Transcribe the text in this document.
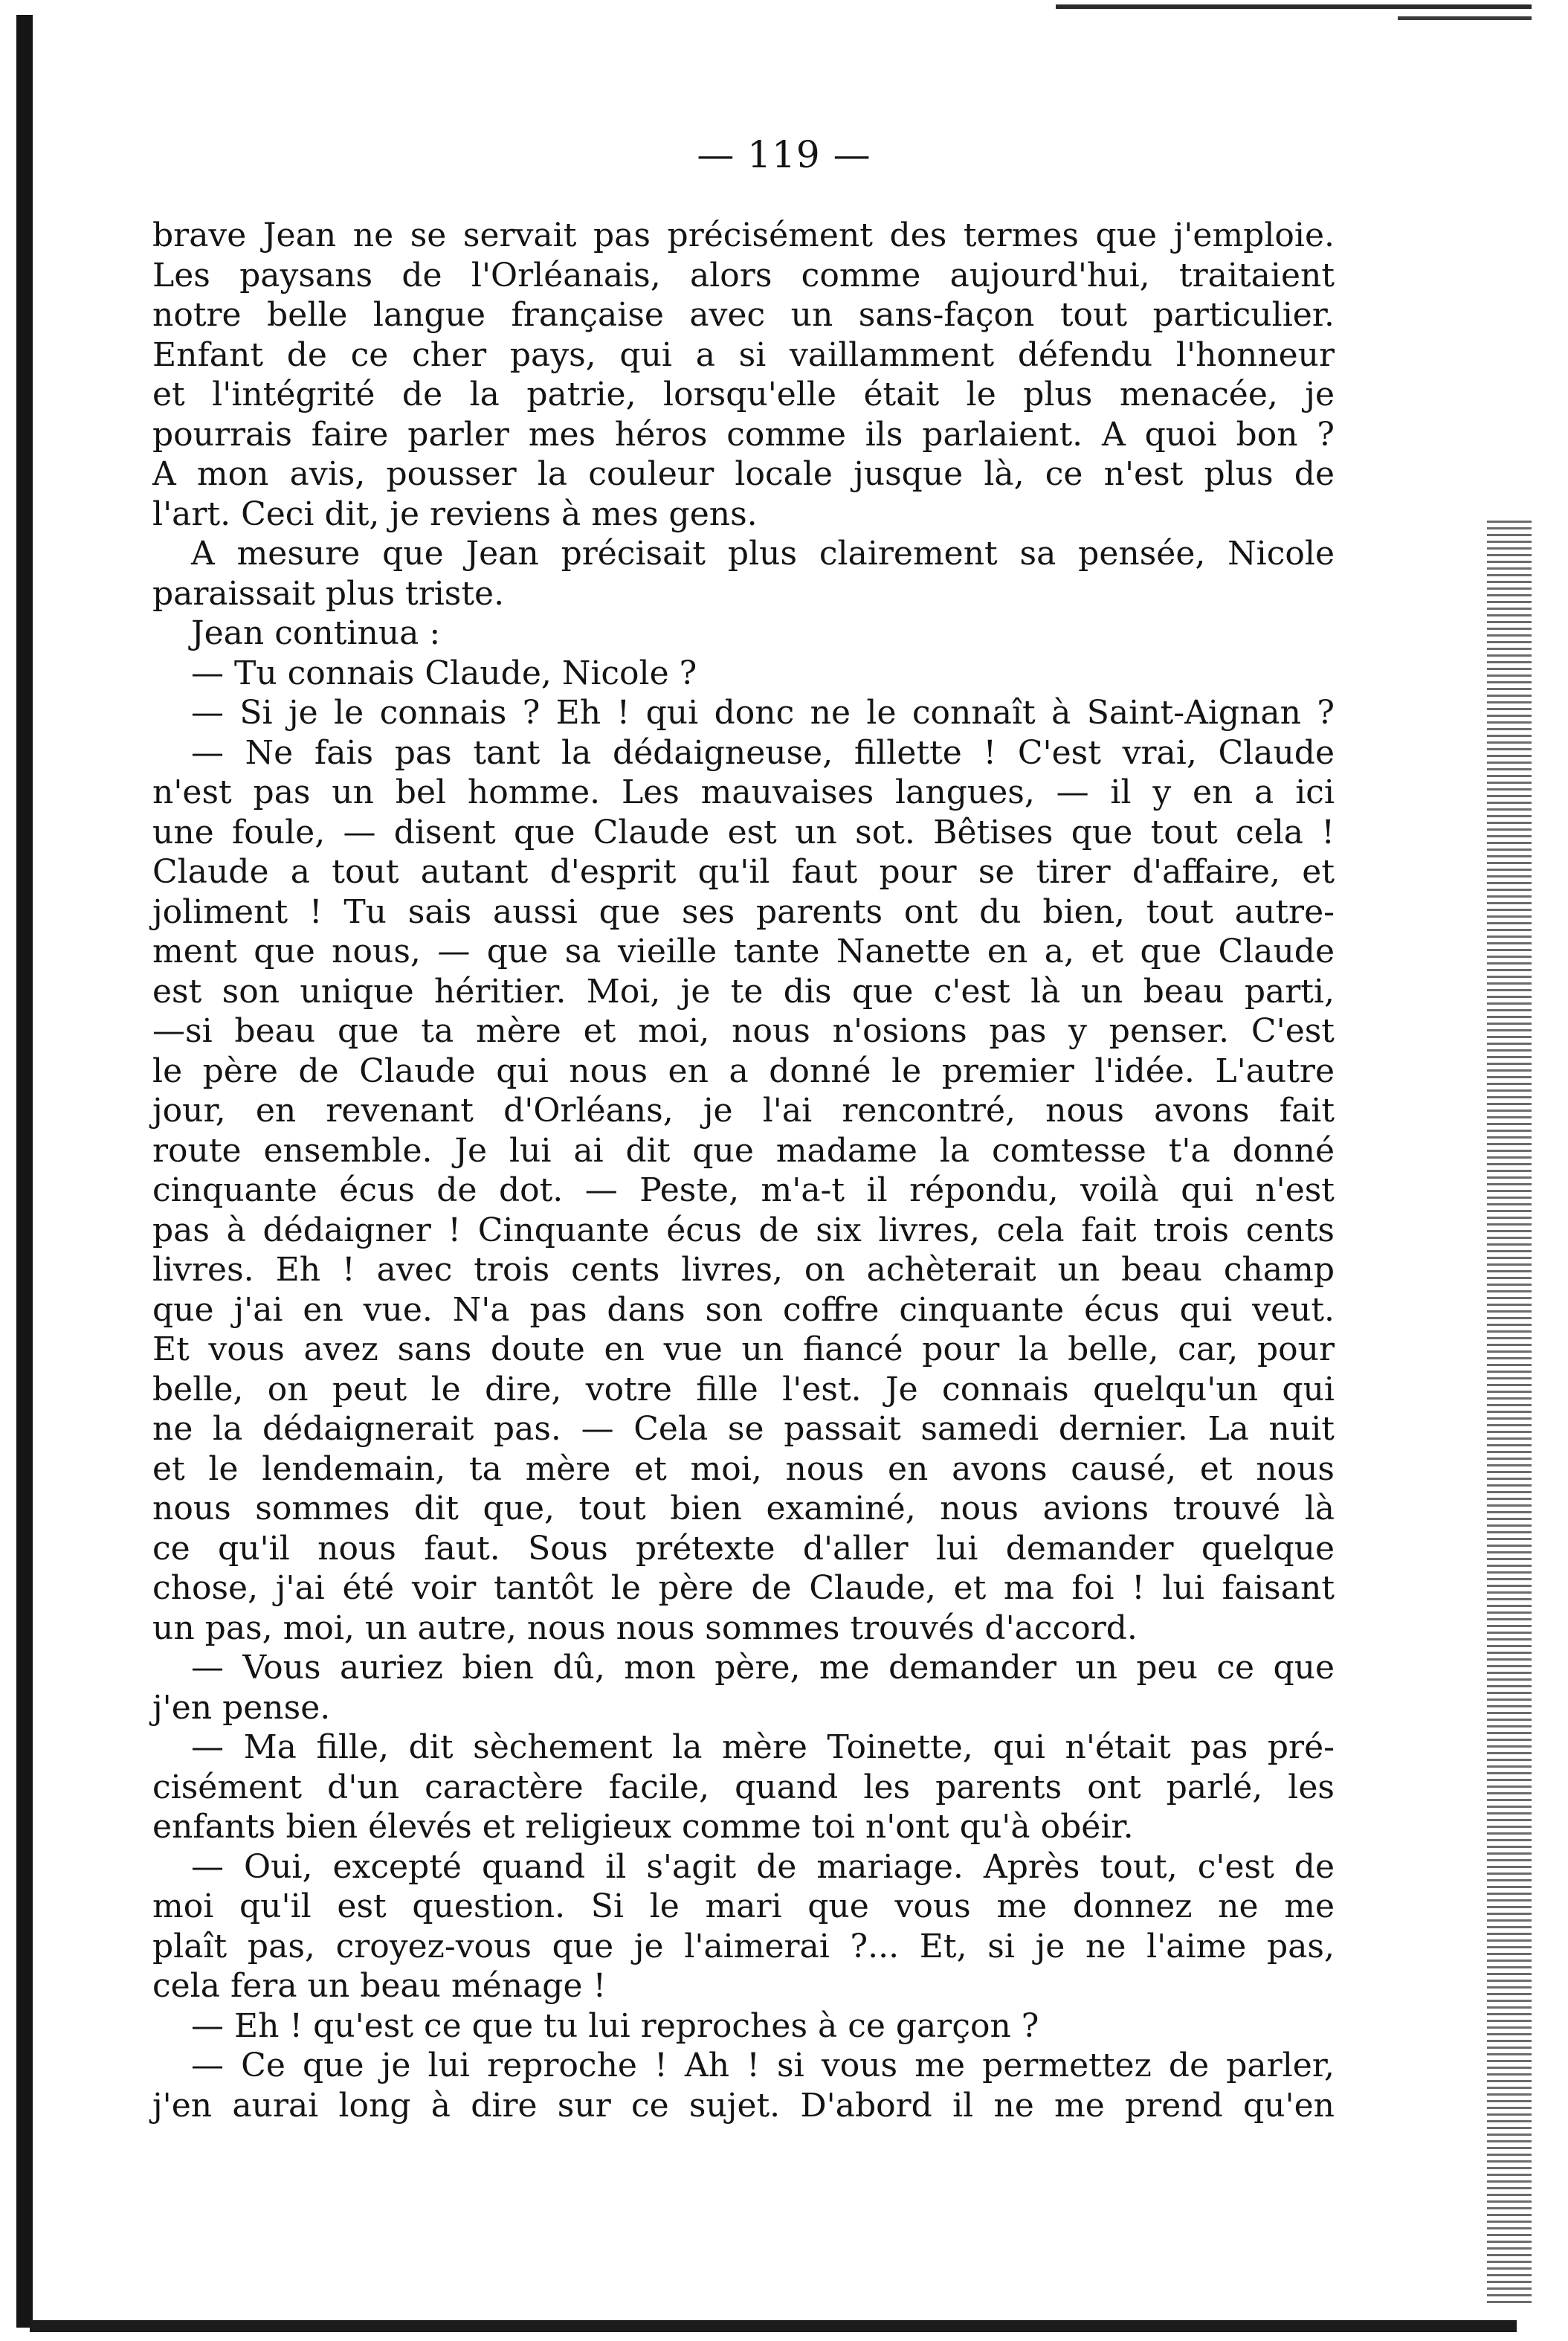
— 119 —
brave Jean ne se servait pas précisément des termes que j'emploie.
Les paysans de l'Orléanais, alors comme aujourd'hui, traitaient
notre belle langue française avec un sans-façon tout particulier.
Enfant de ce cher pays, qui a si vaillamment défendu l'honneur
et l'intégrité de la patrie, lorsqu'elle était le plus menacée, je
pourrais faire parler mes héros comme ils parlaient. A quoi bon ?
A mon avis, pousser la couleur locale jusque là, ce n'est plus de
l'art. Ceci dit, je reviens à mes gens.
A mesure que Jean précisait plus clairement sa pensée, Nicole
paraissait plus triste.
Jean continua :
— Tu connais Claude, Nicole ?
— Si je le connais ? Eh ! qui donc ne le connaît à Saint-Aignan ?
— Ne fais pas tant la dédaigneuse, fillette ! C'est vrai, Claude
n'est pas un bel homme. Les mauvaises langues, — il y en a ici
une foule, — disent que Claude est un sot. Bêtises que tout cela !
Claude a tout autant d'esprit qu'il faut pour se tirer d'affaire, et
joliment ! Tu sais aussi que ses parents ont du bien, tout autre-
ment que nous, — que sa vieille tante Nanette en a, et que Claude
est son unique héritier. Moi, je te dis que c'est là un beau parti,
—si beau que ta mère et moi, nous n'osions pas y penser. C'est
le père de Claude qui nous en a donné le premier l'idée. L'autre
jour, en revenant d'Orléans, je l'ai rencontré, nous avons fait
route ensemble. Je lui ai dit que madame la comtesse t'a donné
cinquante écus de dot. — Peste, m'a-t il répondu, voilà qui n'est
pas à dédaigner ! Cinquante écus de six livres, cela fait trois cents
livres. Eh ! avec trois cents livres, on achèterait un beau champ
que j'ai en vue. N'a pas dans son coffre cinquante écus qui veut.
Et vous avez sans doute en vue un fiancé pour la belle, car, pour
belle, on peut le dire, votre fille l'est. Je connais quelqu'un qui
ne la dédaignerait pas. — Cela se passait samedi dernier. La nuit
et le lendemain, ta mère et moi, nous en avons causé, et nous
nous sommes dit que, tout bien examiné, nous avions trouvé là
ce qu'il nous faut. Sous prétexte d'aller lui demander quelque
chose, j'ai été voir tantôt le père de Claude, et ma foi ! lui faisant
un pas, moi, un autre, nous nous sommes trouvés d'accord.
— Vous auriez bien dû, mon père, me demander un peu ce que
j'en pense.
— Ma fille, dit sèchement la mère Toinette, qui n'était pas pré-
cisément d'un caractère facile, quand les parents ont parlé, les
enfants bien élevés et religieux comme toi n'ont qu'à obéir.
— Oui, excepté quand il s'agit de mariage. Après tout, c'est de
moi qu'il est question. Si le mari que vous me donnez ne me
plaît pas, croyez-vous que je l'aimerai ?... Et, si je ne l'aime pas,
cela fera un beau ménage !
— Eh ! qu'est ce que tu lui reproches à ce garçon ?
— Ce que je lui reproche ! Ah ! si vous me permettez de parler,
j'en aurai long à dire sur ce sujet. D'abord il ne me prend qu'en
